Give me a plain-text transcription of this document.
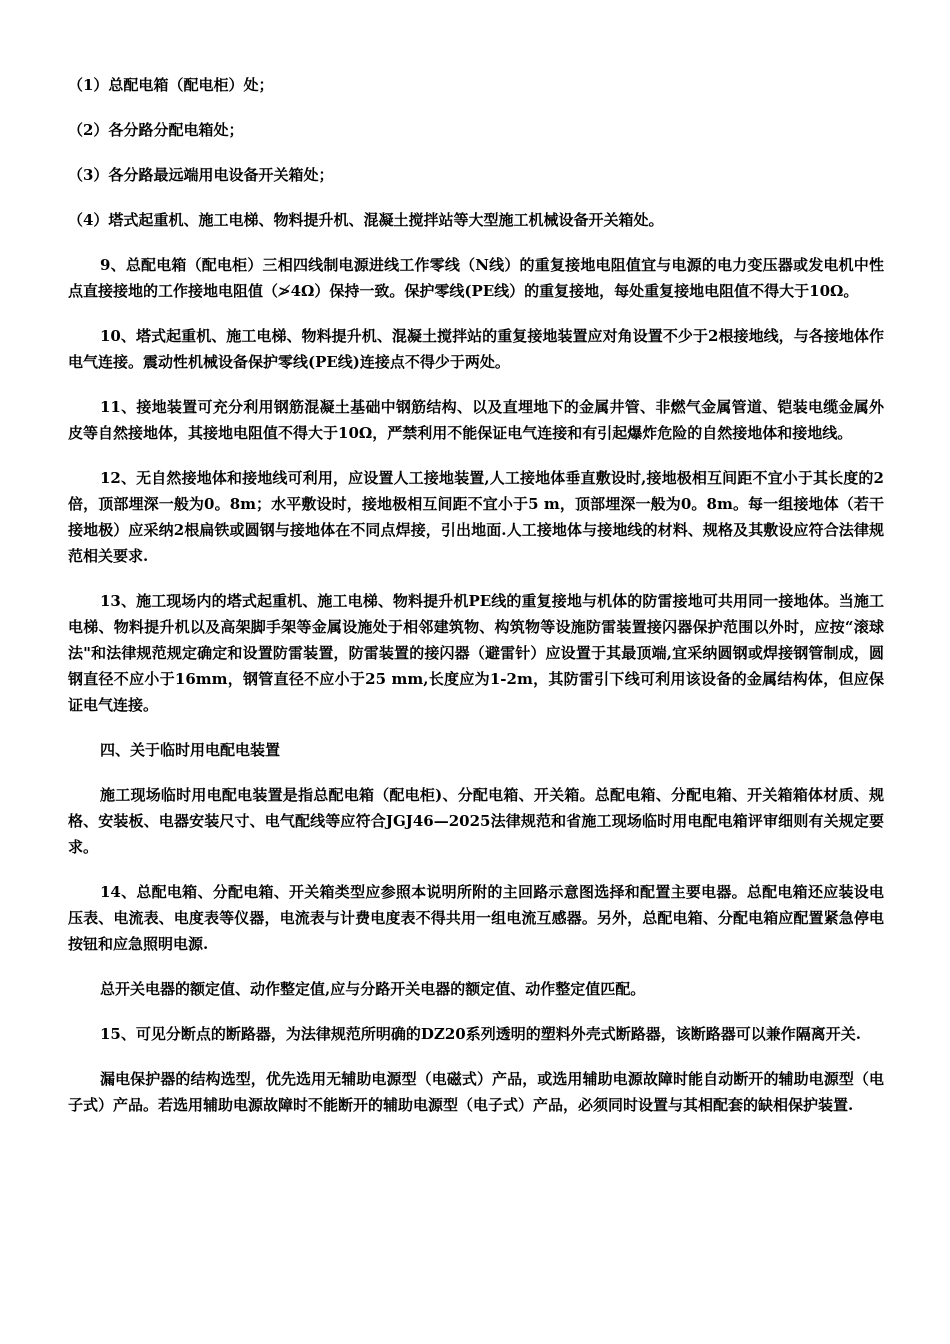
（1）总配电箱（配电柜）处；

（2）各分路分配电箱处；

（3）各分路最远端用电设备开关箱处；

（4）塔式起重机、施工电梯、物料提升机、混凝土搅拌站等大型施工机械设备开关箱处。

9、总配电箱（配电柜）三相四线制电源进线工作零线（N线）的重复接地电阻值宜与电源的电力变压器或发电机中性点直接接地的工作接地电阻值（≯4Ω）保持一致。保护零线(PE线）的重复接地，每处重复接地电阻值不得大于10Ω。

10、塔式起重机、施工电梯、物料提升机、混凝土搅拌站的重复接地装置应对角设置不少于2根接地线，与各接地体作电气连接。震动性机械设备保护零线(PE线)连接点不得少于两处。

11、接地装置可充分利用钢筋混凝土基础中钢筋结构、以及直埋地下的金属井管、非燃气金属管道、铠装电缆金属外皮等自然接地体，其接地电阻值不得大于10Ω，严禁利用不能保证电气连接和有引起爆炸危险的自然接地体和接地线。

12、无自然接地体和接地线可利用，应设置人工接地装置,人工接地体垂直敷设时,接地极相互间距不宜小于其长度的2倍，顶部埋深一般为0。8m；水平敷设时，接地极相互间距不宜小于5 m，顶部埋深一般为0。8m。每一组接地体（若干接地极）应采纳2根扁铁或圆钢与接地体在不同点焊接，引出地面.人工接地体与接地线的材料、规格及其敷设应符合法律规范相关要求.

13、施工现场内的塔式起重机、施工电梯、物料提升机PE线的重复接地与机体的防雷接地可共用同一接地体。当施工电梯、物料提升机以及高架脚手架等金属设施处于相邻建筑物、构筑物等设施防雷装置接闪器保护范围以外时，应按“滚球法"和法律规范规定确定和设置防雷装置，防雷装置的接闪器（避雷针）应设置于其最顶端,宜采纳圆钢或焊接钢管制成，圆钢直径不应小于16mm，钢管直径不应小于25 mm,长度应为1-2m，其防雷引下线可利用该设备的金属结构体，但应保证电气连接。

四、关于临时用电配电装置

施工现场临时用电配电装置是指总配电箱（配电柜)、分配电箱、开关箱。总配电箱、分配电箱、开关箱箱体材质、规格、安装板、电器安装尺寸、电气配线等应符合JGJ46—2025法律规范和省施工现场临时用电配电箱评审细则有关规定要求。

14、总配电箱、分配电箱、开关箱类型应参照本说明所附的主回路示意图选择和配置主要电器。总配电箱还应装设电压表、电流表、电度表等仪器，电流表与计费电度表不得共用一组电流互感器。另外，总配电箱、分配电箱应配置紧急停电按钮和应急照明电源.

总开关电器的额定值、动作整定值,应与分路开关电器的额定值、动作整定值匹配。

15、可见分断点的断路器，为法律规范所明确的DZ20系列透明的塑料外壳式断路器，该断路器可以兼作隔离开关.

漏电保护器的结构选型，优先选用无辅助电源型（电磁式）产品，或选用辅助电源故障时能自动断开的辅助电源型（电子式）产品。若选用辅助电源故障时不能断开的辅助电源型（电子式）产品，必须同时设置与其相配套的缺相保护装置.
